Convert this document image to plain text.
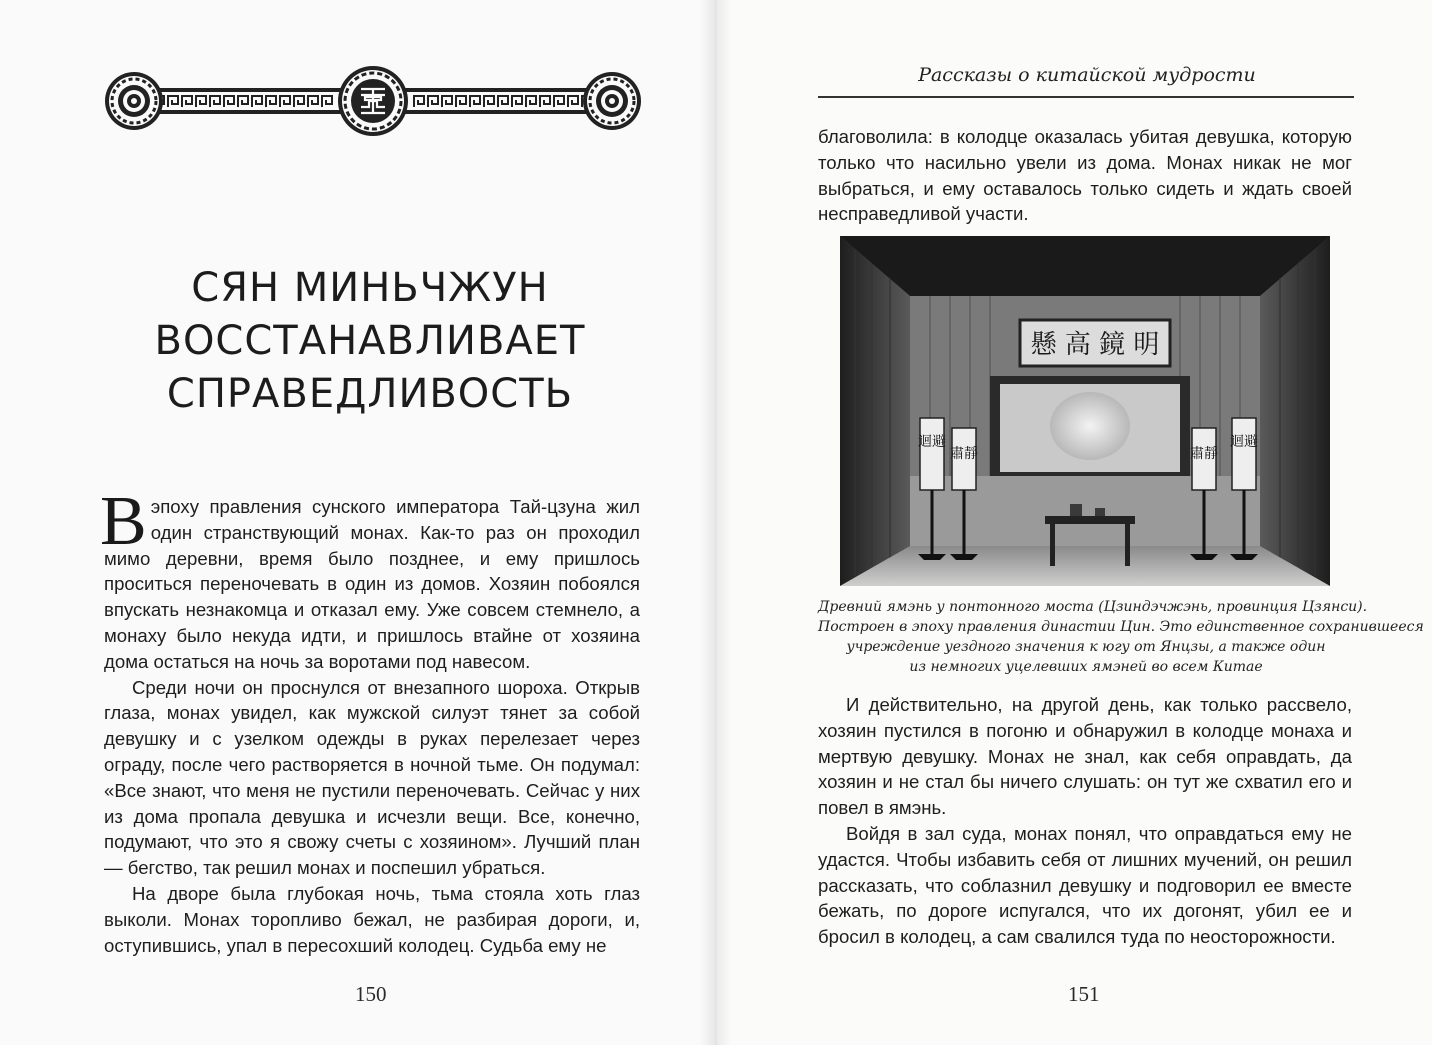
СЯН МИНЬЧЖУН
ВОССТАНАВЛИВАЕТ
СПРАВЕДЛИВОСТЬ

Вэпоху правления сунского императора Тай-цзуна жил один странствующий монах. Как-то раз он проходил мимо деревни, время было позднее, и ему пришлось проситься переночевать в один из домов. Хозяин побоялся впускать незнакомца и отказал ему. Уже совсем стемнело, а монаху было некуда идти, и пришлось втайне от хозяина дома остаться на ночь за воротами под навесом.

Среди ночи он проснулся от внезапного шороха. Открыв глаза, монах увидел, как мужской силуэт тянет за собой девушку и с узелком одежды в руках перелезает через ограду, после чего растворяется в ночной тьме. Он подумал: «Все знают, что меня не пустили переночевать. Сейчас у них из дома пропала девушка и исчезли вещи. Все, конечно, подумают, что это я свожу счеты с хозяином». Лучший план — бегство, так решил монах и поспешил убраться.

На дворе была глубокая ночь, тьма стояла хоть глаз выколи. Монах торопливо бежал, не разбирая дороги, и, оступившись, упал в пересохший колодец. Судьба ему не

150
Рассказы о китайской мудрости

благоволила: в колодце оказалась убитая девушка, которую только что насильно увели из дома. Монах никак не мог выбраться, и ему оставалось только сидеть и ждать своей несправедливой участи.

懸 高 鏡 明
迴避
肅靜	肅靜
迴避
Древний ямэнь у понтонного моста (Цзиндэчжэнь, провинция Цзянси).
Построен в эпоху правления династии Цин. Это единственное сохранившееся
учреждение уездного значения к югу от Янцзы, а также один
из немногих уцелевших ямэней во всем Китае

И действительно, на другой день, как только рассвело, хозяин пустился в погоню и обнаружил в колодце монаха и мертвую девушку. Монах не знал, как себя оправдать, да хозяин и не стал бы ничего слушать: он тут же схватил его и повел в ямэнь.

Войдя в зал суда, монах понял, что оправдаться ему не удастся. Чтобы избавить себя от лишних мучений, он решил рассказать, что соблазнил девушку и подговорил ее вместе бежать, по дороге испугался, что их догонят, убил ее и бросил в колодец, а сам свалился туда по неосторожности.

151
